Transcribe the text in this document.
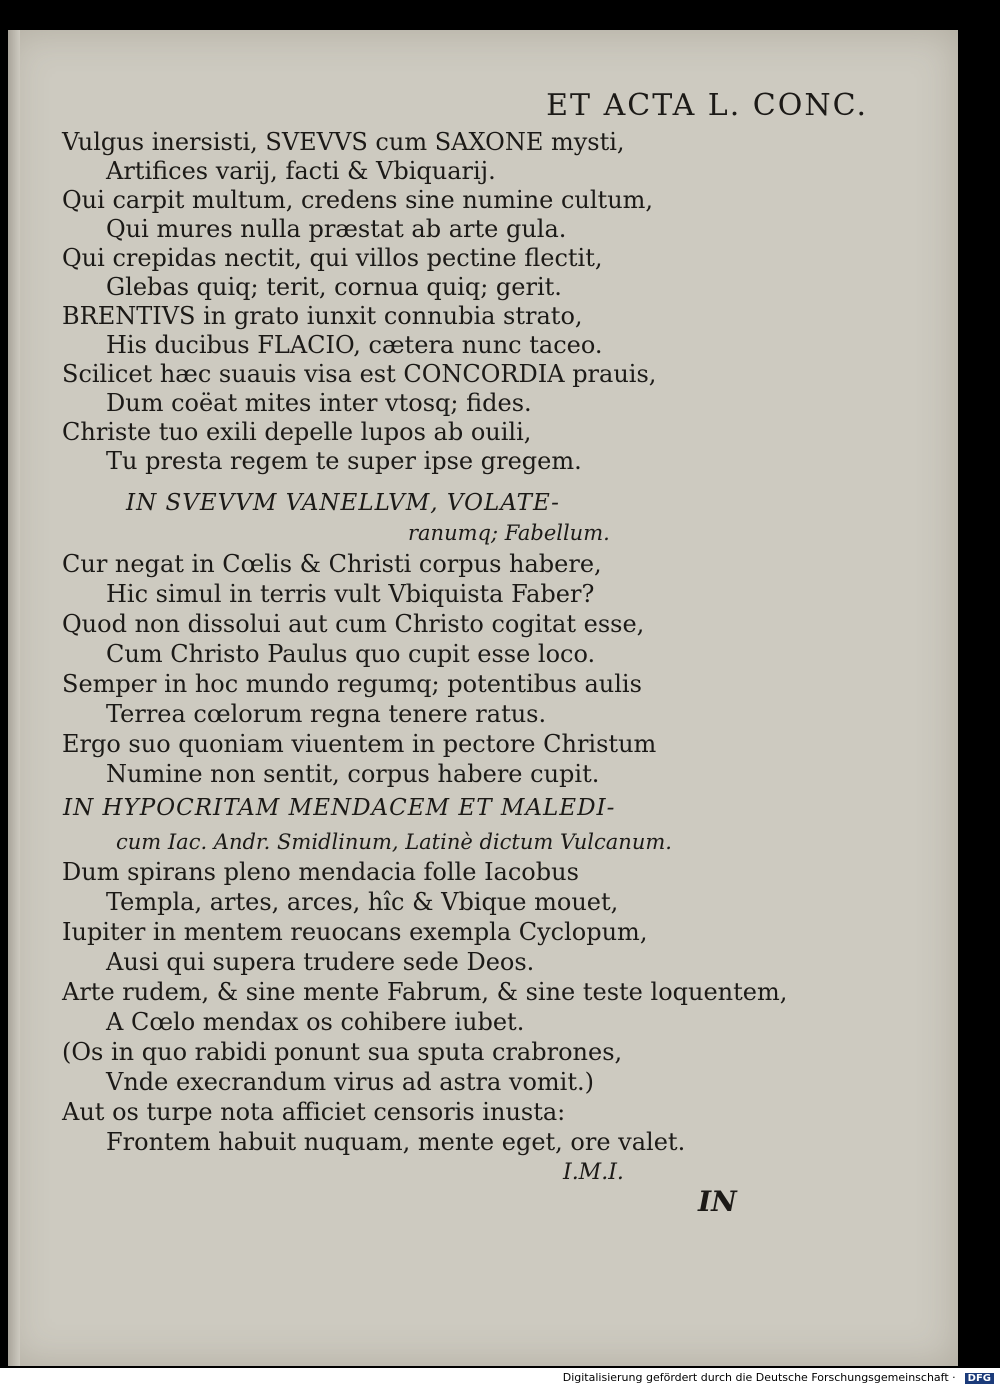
ET ACTA L. CONC.
Vulgus inersisti, SVEVVS cum SAXONE mysti,
Artifices varij, facti & Vbiquarij.
Qui carpit multum, credens sine numine cultum,
Qui mures nulla præstat ab arte gula.
Qui crepidas nectit, qui villos pectine flectit,
Glebas quiq; terit, cornua quiq; gerit.
BRENTIVS in grato iunxit connubia strato,
His ducibus FLACIO, cætera nunc taceo.
Scilicet hæc suauis visa est CONCORDIA prauis,
Dum coëat mites inter vtosq; fides.
Christe tuo exili depelle lupos ab ouili,
Tu presta regem te super ipse gregem.
IN SVEVVM VANELLVM, VOLATE-
ranumq; Fabellum.
Cur negat in Cœlis & Christi corpus habere,
Hic simul in terris vult Vbiquista Faber?
Quod non dissolui aut cum Christo cogitat esse,
Cum Christo Paulus quo cupit esse loco.
Semper in hoc mundo regumq; potentibus aulis
Terrea cœlorum regna tenere ratus.
Ergo suo quoniam viuentem in pectore Christum
Numine non sentit, corpus habere cupit.
IN HYPOCRITAM MENDACEM ET MALEDI-
cum Iac. Andr. Smidlinum, Latinè dictum Vulcanum.
Dum spirans pleno mendacia folle Iacobus
Templa, artes, arces, hîc & Vbique mouet,
Iupiter in mentem reuocans exempla Cyclopum,
Ausi qui supera trudere sede Deos.
Arte rudem, & sine mente Fabrum, & sine teste loquentem,
A Cœlo mendax os cohibere iubet.
(Os in quo rabidi ponunt sua sputa crabrones,
Vnde execrandum virus ad astra vomit.)
Aut os turpe nota afficiet censoris inusta:
Frontem habuit nuquam, mente eget, ore valet.
I.M.I.
IN
Digitalisierung gefördert durch die Deutsche Forschungsgemeinschaft · DFG
